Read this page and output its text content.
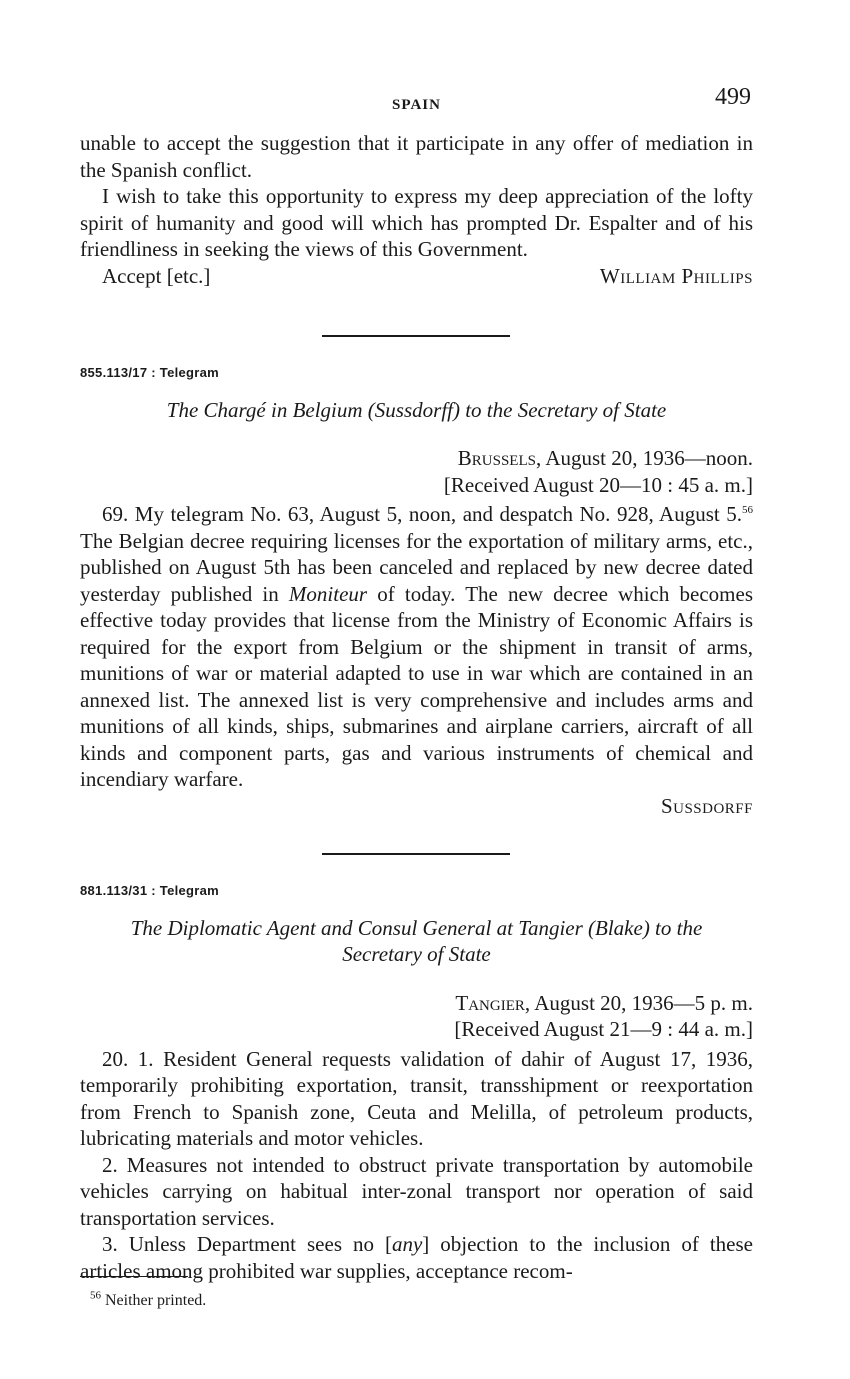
SPAIN	499

unable to accept the suggestion that it participate in any offer of mediation in the Spanish conflict.

I wish to take this opportunity to express my deep appreciation of the lofty spirit of humanity and good will which has prompted Dr. Espalter and of his friendliness in seeking the views of this Government.

Accept [etc.]	William Phillips
855.113/17 : Telegram
The Chargé in Belgium (Sussdorff) to the Secretary of State
Brussels, August 20, 1936—noon.
[Received August 20—10 : 45 a. m.]

69. My telegram No. 63, August 5, noon, and despatch No. 928, August 5.56 The Belgian decree requiring licenses for the exportation of military arms, etc., published on August 5th has been canceled and replaced by new decree dated yesterday published in Moniteur of today. The new decree which becomes effective today provides that license from the Ministry of Economic Affairs is required for the export from Belgium or the shipment in transit of arms, munitions of war or material adapted to use in war which are contained in an annexed list. The annexed list is very comprehensive and includes arms and munitions of all kinds, ships, submarines and airplane carriers, aircraft of all kinds and component parts, gas and various instruments of chemical and incendiary warfare.

Sussdorff
881.113/31 : Telegram
The Diplomatic Agent and Consul General at Tangier (Blake) to the
Secretary of State
Tangier, August 20, 1936—5 p. m.
[Received August 21—9 : 44 a. m.]

20. 1. Resident General requests validation of dahir of August 17, 1936, temporarily prohibiting exportation, transit, transshipment or reexportation from French to Spanish zone, Ceuta and Melilla, of petroleum products, lubricating materials and motor vehicles.

2. Measures not intended to obstruct private transportation by automobile vehicles carrying on habitual inter-zonal transport nor operation of said transportation services.

3. Unless Department sees no [any] objection to the inclusion of these articles among prohibited war supplies, acceptance recom-

$^{56}$ Neither printed.
